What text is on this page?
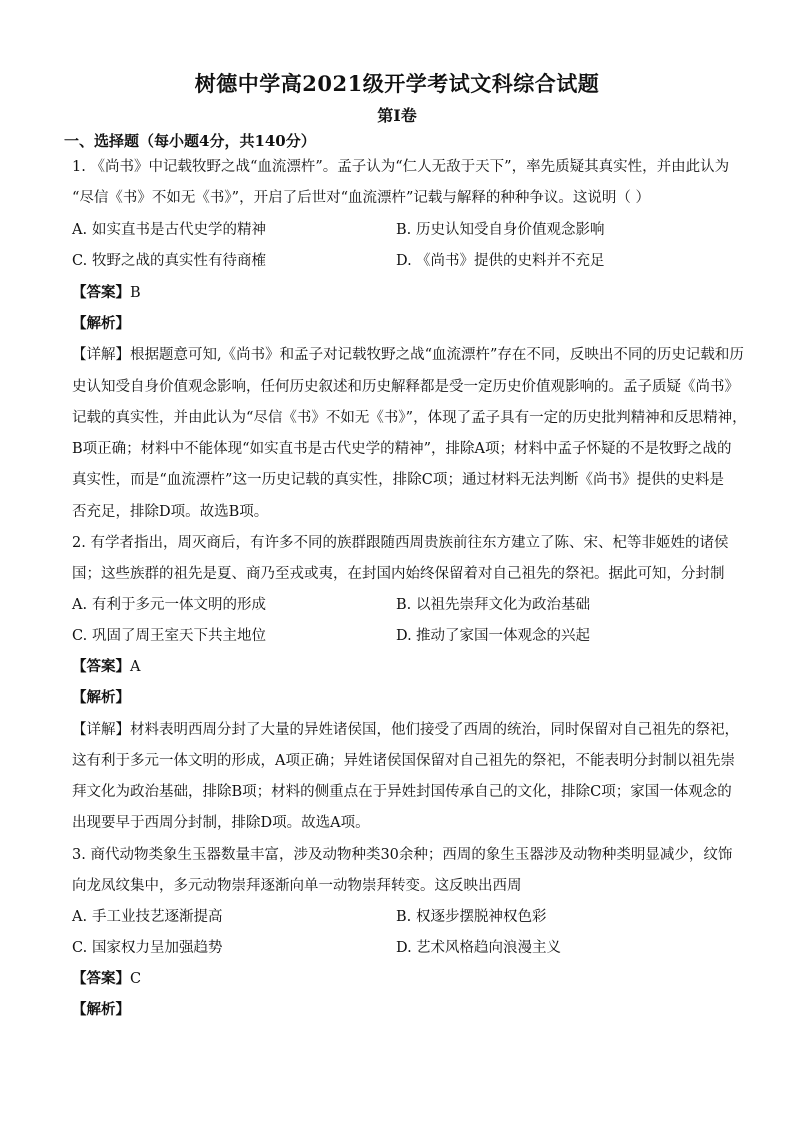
树德中学高2021级开学考试文科综合试题
第Ⅰ卷
一、选择题（每小题4分，共140分）
1. 《尚书》中记载牧野之战“血流漂杵”。孟子认为“仁人无敌于天下”，率先质疑其真实性，并由此认为
“尽信《书》不如无《书》”，开启了后世对“血流漂杵”记载与解释的种种争议。这说明（ ）
A. 如实直书是古代史学的精神	B. 历史认知受自身价值观念影响
C. 牧野之战的真实性有待商榷	D. 《尚书》提供的史料并不充足
【答案】B
【解析】
【详解】根据题意可知,《尚书》和孟子对记载牧野之战“血流漂杵”存在不同，反映出不同的历史记载和历
史认知受自身价值观念影响，任何历史叙述和历史解释都是受一定历史价值观影响的。孟子质疑《尚书》
记载的真实性，并由此认为“尽信《书》不如无《书》”，体现了孟子具有一定的历史批判精神和反思精神，
B项正确；材料中不能体现“如实直书是古代史学的精神”，排除A项；材料中孟子怀疑的不是牧野之战的
真实性，而是“血流漂杵”这一历史记载的真实性，排除C项；通过材料无法判断《尚书》提供的史料是
否充足，排除D项。故选B项。
2. 有学者指出，周灭商后，有许多不同的族群跟随西周贵族前往东方建立了陈、宋、杞等非姬姓的诸侯
国；这些族群的祖先是夏、商乃至戎或夷，在封国内始终保留着对自己祖先的祭祀。据此可知，分封制
A. 有利于多元一体文明的形成	B. 以祖先崇拜文化为政治基础
C. 巩固了周王室天下共主地位	D. 推动了家国一体观念的兴起
【答案】A
【解析】
【详解】材料表明西周分封了大量的异姓诸侯国，他们接受了西周的统治，同时保留对自己祖先的祭祀，
这有利于多元一体文明的形成，A项正确；异姓诸侯国保留对自己祖先的祭祀，不能表明分封制以祖先崇
拜文化为政治基础，排除B项；材料的侧重点在于异姓封国传承自己的文化，排除C项；家国一体观念的
出现要早于西周分封制，排除D项。故选A项。
3. 商代动物类象生玉器数量丰富，涉及动物种类30余种；西周的象生玉器涉及动物种类明显减少，纹饰
向龙凤纹集中，多元动物崇拜逐渐向单一动物崇拜转变。这反映出西周
A. 手工业技艺逐渐提高	B. 权逐步摆脱神权色彩
C. 国家权力呈加强趋势	D. 艺术风格趋向浪漫主义
【答案】C
【解析】
